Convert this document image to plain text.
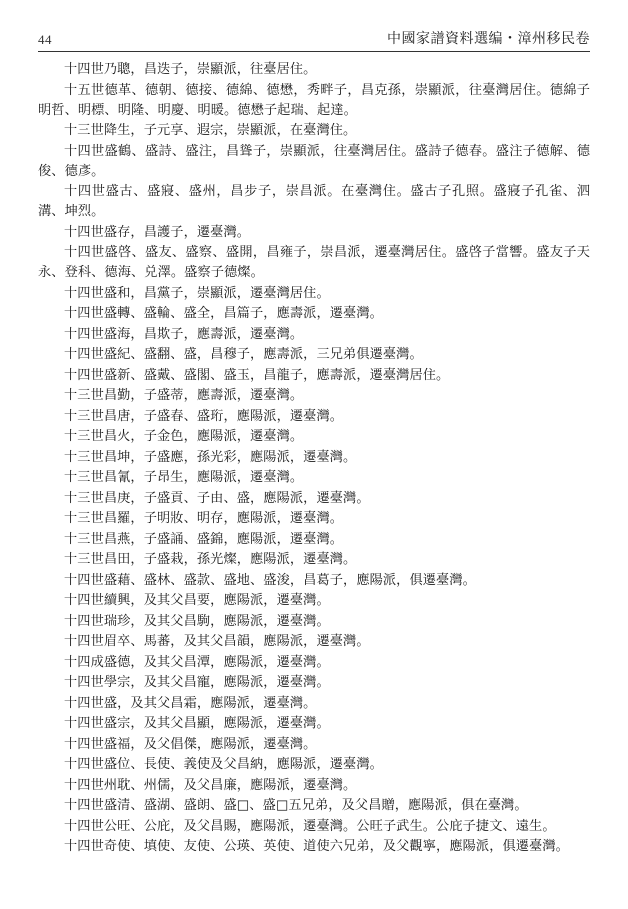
44	中國家譜資料選编・漳州移民卷

十四世乃聰，昌迭子，崇顯派，往臺居住。

十五世德革、德朝、德接、德綿、德懋，秀畔子，昌克孫，崇顯派，往臺灣居住。德綿子明哲、明標、明隆、明慶、明暖。德懋子起瑞、起達。

十三世降生，子元享、遐宗，崇顯派，在臺灣住。

十四世盛鶴、盛詩、盛注，昌聳子，崇顯派，往臺灣居住。盛詩子德春。盛注子德解、德俊、德彥。

十四世盛古、盛寢、盛州，昌步子，崇昌派。在臺灣住。盛古子孔照。盛寢子孔雀、泗溝、坤烈。

十四世盛存，昌護子，遷臺灣。

十四世盛啓、盛友、盛察、盛開，昌雍子，崇昌派，遷臺灣居住。盛啓子當響。盛友子天永、登科、德海、兑澤。盛察子德燦。

十四世盛和，昌黨子，崇顯派，遷臺灣居住。

十四世盛轉、盛輪、盛全，昌篇子，應壽派，遷臺灣。

十四世盛海，昌欺子，應壽派，遷臺灣。

十四世盛紀、盛翻、盛，昌穆子，應壽派，三兄弟俱遷臺灣。

十四世盛新、盛戴、盛閣、盛玉，昌龍子，應壽派，遷臺灣居住。

十三世昌勤，子盛蒂，應壽派，遷臺灣。

十三世昌唐，子盛春、盛珩，應陽派，遷臺灣。

十三世昌火，子金色，應陽派，遷臺灣。

十三世昌坤，子盛應，孫光彩，應陽派，遷臺灣。

十三世昌氰，子昂生，應陽派，遷臺灣。

十三世昌庚，子盛貢、子由、盛，應陽派，遷臺灣。

十三世昌羅，子明妝、明存，應陽派，遷臺灣。

十三世昌燕，子盛誦、盛錦，應陽派，遷臺灣。

十三世昌田，子盛栽，孫光燦，應陽派，遷臺灣。

十四世盛藉、盛林、盛款、盛地、盛浚，昌葛子，應陽派，俱遷臺灣。

十四世續興，及其父昌要，應陽派，遷臺灣。

十四世瑞珍，及其父昌駒，應陽派，遷臺灣。

十四世眉卒、馬蕃，及其父昌韻，應陽派，遷臺灣。

十四成盛德，及其父昌潭，應陽派，遷臺灣。

十四世學宗，及其父昌寵，應陽派，遷臺灣。

十四世盛，及其父昌霜，應陽派，遷臺灣。

十四世盛宗，及其父昌顯，應陽派，遷臺灣。

十四世盛福，及父倡傑，應陽派，遷臺灣。

十四世盛位、長使、義使及父昌納，應陽派，遷臺灣。

十四世州耽、州儒，及父昌廉，應陽派，遷臺灣。

十四世盛清、盛湖、盛朗、盛□、盛□五兄弟，及父昌贈，應陽派，俱在臺灣。

十四世公旺、公庇，及父昌賜，應陽派，遷臺灣。公旺子武生。公庇子捷文、遠生。

十四世奇使、填使、友使、公瑛、英使、道使六兄弟，及父觀寧，應陽派，俱遷臺灣。
